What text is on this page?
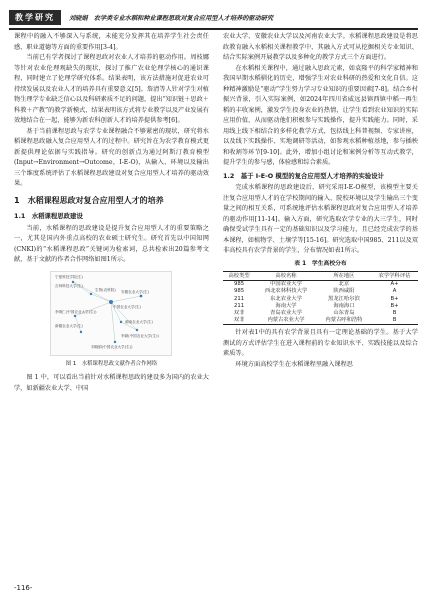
教学研究	刘晓娟　农学类专业水稻和种业课程思政对复合应用型人才培养的驱动研究

课程中的融入不够深入与系统，未能充分发挥其在培养学生社会责任感、职业道德等方面的重要作用[3-4]。

当前已有学者探讨了课程思政对农业人才培养的驱动作用。周枝娜等针对农业伦理观缺失的现状，探讨了推广农业伦理学核心的通识课程，同时建立了伦理学研究体系。结果表明，该方法措施对促进农业可持续发展以及农业人才的培养具有重要意义[5]。詹清等人针对学生对植物生理学专业缺乏信心以及科研素质不足的问题，提出“知识链＋思政＋科教＋产教”的教学新模式，结果表明该方式将专业教学以及产业发展有效地结合在一起，能够为新农科创新人才的培养提供参考[6]。

基于当前课程思政与农学专业课程融合不够紧密的现状，研究将水稻课程思政融入复合应用型人才的过程中。研究旨在为农学教育模式更新提供理论依据与实践指导。研究的创新点为通过阿斯汀教育模型(Input→Environment→Outcome，I-E-O)，从输入、环境以及输出三个维度系统评估了水稻课程思政建设对复合应用型人才培养的驱动效果。

1　水稻课程思政对复合应用型人才的培养
1.1　水稻课程思政建设

当前，水稻课程的思政建设是提升复合应用型人才的重要策略之一，尤其是国内外重点高校的农业硕士研究生。研究首先以中国知网(CNKI)的“水稻课程思政”关键词为检索词，总共检索出20篇参考文献，基于文献的作者合作网络如图1所示。

宁夏科技学院(生)
吉林科技大学(生)
生物(农科院) 安徽农业大学(生)
中国农业大学(生)
李炳仁(中国农业大学(生))
新疆农业大学(生)
湖南农业大学(生)
李颖(中国农业大学(生))
刘晓娟(中国农业大学(生))
图 1　水稻课程思政文献作者合作网络

图 1 中，可以看出当前针对水稻课程思政的建设多为国内的农业大学，如新疆农业大学、中国

农业大学、安徽农业大学以及河南农业大学。水稻课程思政建设是将思政教育融入水稻相关课程教学中，其融入方式可从挖掘相关专业知识、结合实际案例开展教学以及多种化的教学方式三个方面进行。

在水稻相关课程中，通过融入思政元素，如袁隆平的科学家精神和我国早期水稻驯化的历史，增强学生对农业科研的热爱和文化自信。这种精神激励是“驱动”学生努力学习专业知识的重要因素[7-8]。结合乡村振兴背景，引入实际案例，如2024年四川省威远县镇西镇中稻一再生稻的丰收案例，激发学生投身农业的热情，让学生看到农业知识的实际应用价值，从而驱动他们积极参与实践操作，提升实践能力。同时，采用线上线下相结合的多样化教学方式，包括线上科普视频、专家讲座，以及线下实践操作、实地调研等活动，如参观水稻种植基地，参与插秧和收割等环节[9-10]。此外，增加小组讨论和案例分析等互动式教学，提升学生的参与感，体验感和综合素质。

1.2　基于 I-E-O 模型的复合应用型人才培养的实验设计

完成水稻课程的思政建设后，研究采用I-E-O模型，该模型主要关注复合应用型人才的在学校期间的输入、院校环境以及学生输出三个变量之间的相互关系，可系统地评估水稻课程思政对复合应用型人才培养的驱动作用[11-14]。输入方面，研究选取农学专业的大三学生，同时确保受试学生具有一定的基础知识以及学习能力，且已经完成农学的基本课程，如植物学、土壤学等[15-16]。研究选取中国985、211以及双非高校具有农学背景的学生，分布情况如表1所示。

表 1　学生高校分布
高校类型	高校名称	所在地区	农学学科评估
985	中国农业大学	北京	A+
985	西北农林科技大学	陕西咸阳	A
211	东北农业大学	黑龙江哈尔滨	B+
211	海南大学	海南海口	B+
双非	青岛农业大学	山东青岛	B
双非	内蒙古农业大学	内蒙古呼和浩特	B

针对表1中的具有农学背景且具有一定理论基础的学生。基于大学测试的方式评估学生在进入课程前的专业知识水平、实践技能以及综合素质等。

环境方面高校学生在水稻课程里融入课程思

-116-
